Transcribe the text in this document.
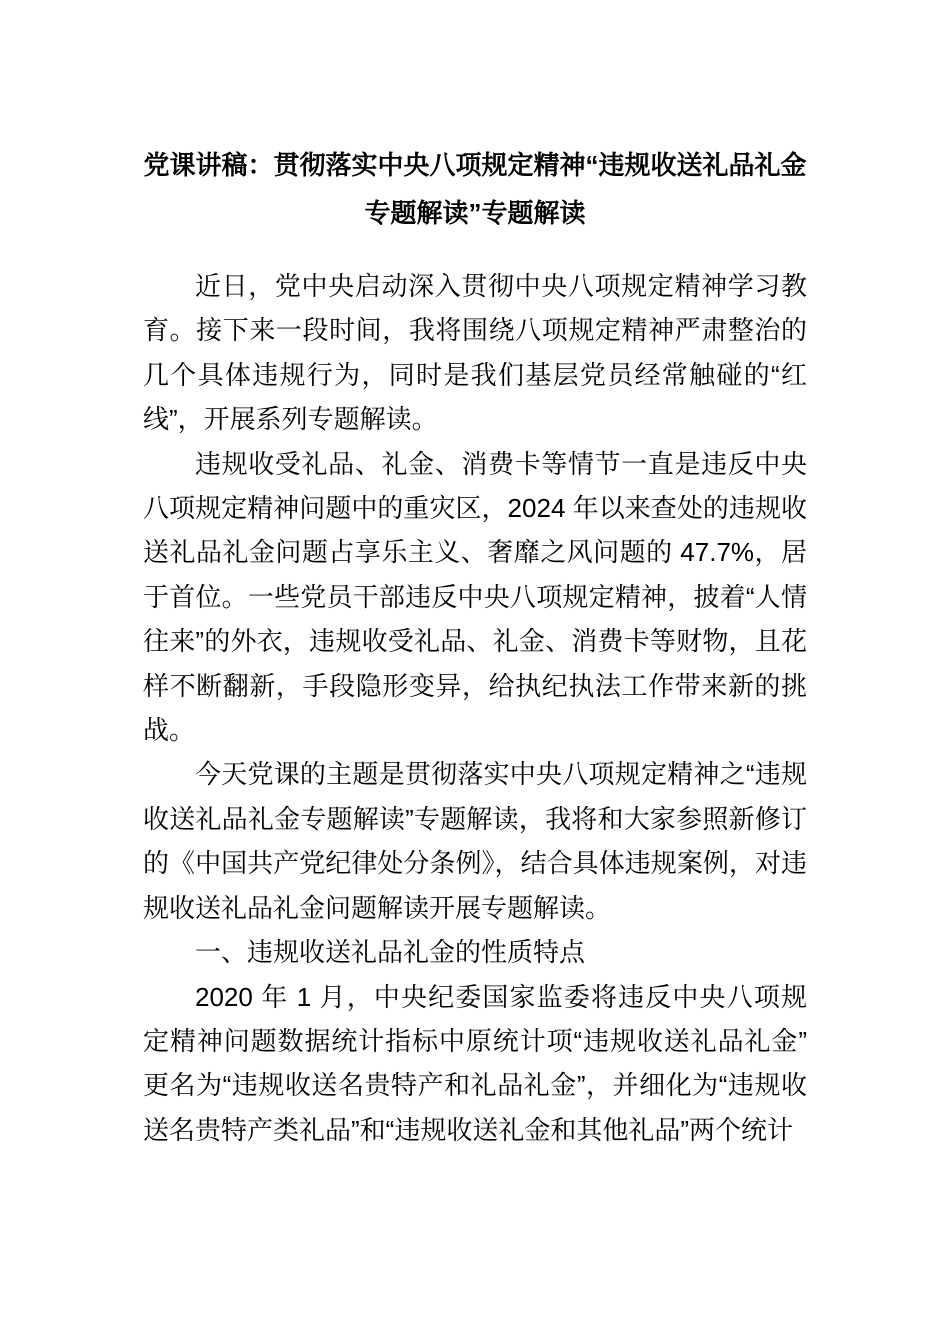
党课讲稿：贯彻落实中央八项规定精神“违规收送礼品礼金
专题解读”专题解读

近日，党中央启动深入贯彻中央八项规定精神学习教育。接下来一段时间，我将围绕八项规定精神严肃整治的几个具体违规行为，同时是我们基层党员经常触碰的“红线”，开展系列专题解读。

违规收受礼品、礼金、消费卡等情节一直是违反中央八项规定精神问题中的重灾区，2024 年以来查处的违规收送礼品礼金问题占享乐主义、奢靡之风问题的 47.7%，居于首位。一些党员干部违反中央八项规定精神，披着“人情往来”的外衣，违规收受礼品、礼金、消费卡等财物，且花样不断翻新，手段隐形变异，给执纪执法工作带来新的挑战。

今天党课的主题是贯彻落实中央八项规定精神之“违规收送礼品礼金专题解读”专题解读，我将和大家参照新修订的《中国共产党纪律处分条例》，结合具体违规案例，对违规收送礼品礼金问题解读开展专题解读。

一、违规收送礼品礼金的性质特点

2020 年 1 月，中央纪委国家监委将违反中央八项规定精神问题数据统计指标中原统计项“违规收送礼品礼金”更名为“违规收送名贵特产和礼品礼金”，并细化为“违规收送名贵特产类礼品”和“违规收送礼金和其他礼品”两个统计
